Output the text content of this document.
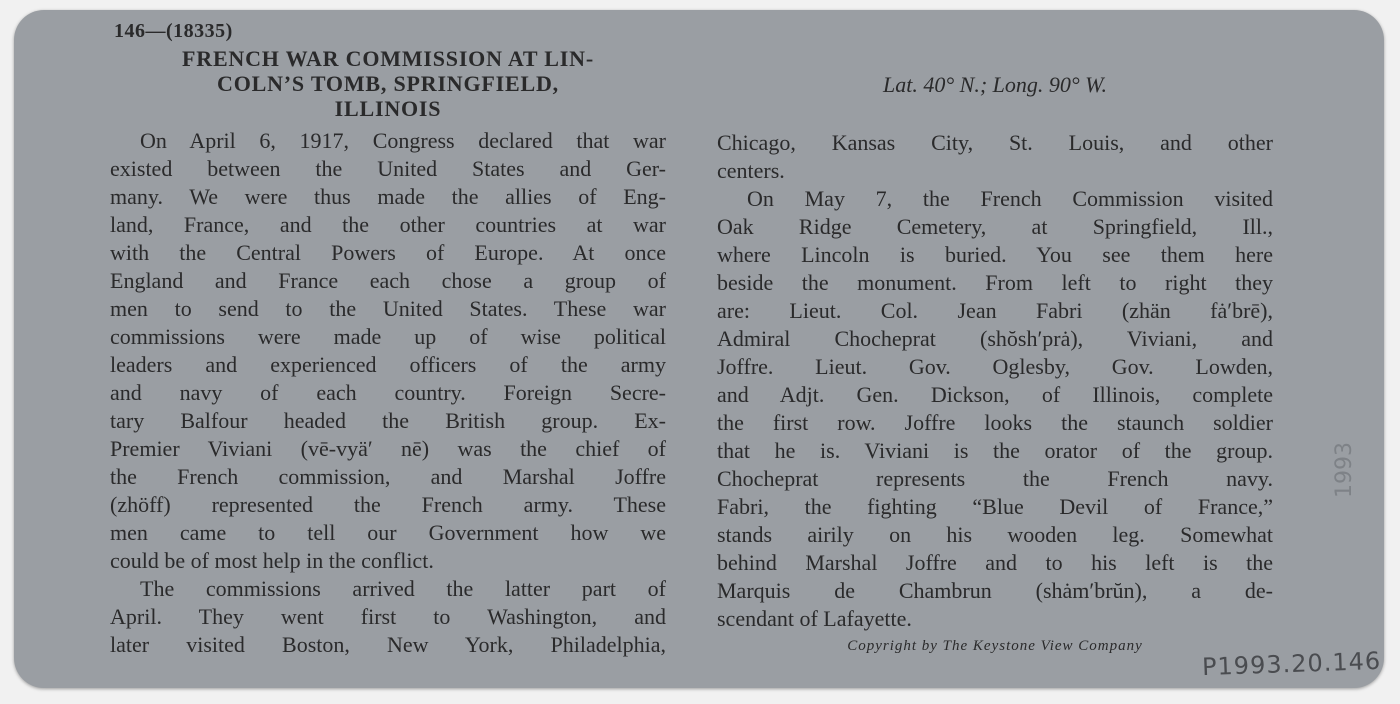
146—(18335)
FRENCH WAR COMMISSION AT LIN-
COLN’S TOMB, SPRINGFIELD,
ILLINOIS
Lat. 40° N.; Long. 90° W.
On April 6, 1917, Congress declared that war
existed between the United States and Ger-
many. We were thus made the allies of Eng-
land, France, and the other countries at war
with the Central Powers of Europe. At once
England and France each chose a group of
men to send to the United States. These war
commissions were made up of wise political
leaders and experienced officers of the army
and navy of each country. Foreign Secre-
tary Balfour headed the British group. Ex-
Premier Viviani (vē-vyä′ nē) was the chief of
the French commission, and Marshal Joffre
(zhöff) represented the French army. These
men came to tell our Government how we
could be of most help in the conflict.
The commissions arrived the latter part of
April. They went first to Washington, and
later visited Boston, New York, Philadelphia,
Chicago, Kansas City, St. Louis, and other
centers.
On May 7, the French Commission visited
Oak Ridge Cemetery, at Springfield, Ill.,
where Lincoln is buried. You see them here
beside the monument. From left to right they
are: Lieut. Col. Jean Fabri (zhän fȧ′brē),
Admiral Chocheprat (shŏsh′prȧ), Viviani, and
Joffre. Lieut. Gov. Oglesby, Gov. Lowden,
and Adjt. Gen. Dickson, of Illinois, complete
the first row. Joffre looks the staunch soldier
that he is. Viviani is the orator of the group.
Chocheprat represents the French navy.
Fabri, the fighting “Blue Devil of France,”
stands airily on his wooden leg. Somewhat
behind Marshal Joffre and to his left is the
Marquis de Chambrun (shȧm′brŭn), a de-
scendant of Lafayette.
Copyright by The Keystone View Company
P1993.20.146
1993
